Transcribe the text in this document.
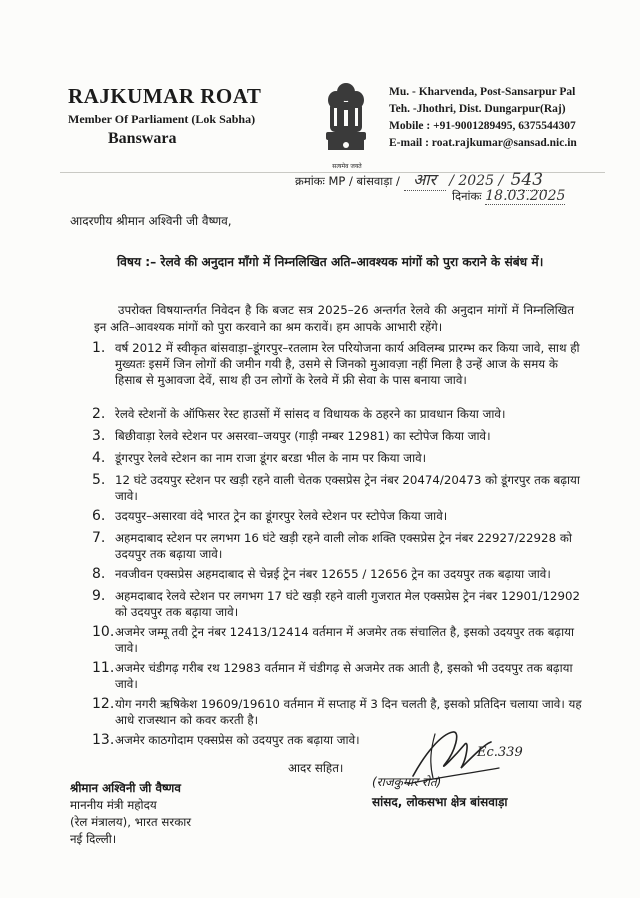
RAJKUMAR ROAT
Member Of Parliament (Lok Sabha)
Banswara
सत्यमेव जयते
Mu. - Kharvenda, Post-Sansarpur Pal
Teh. -Jhothri, Dist. Dungarpur(Raj)
Mobile : +91-9001289495, 6375544307
E-mail : roat.rajkumar@sansad.nic.in
क्रमांकः MP / बांसवाड़ा / आर / 2025 / 543
दिनांकः 18.03.2025
आदरणीय श्रीमान अश्विनी जी वैष्णव,
विषय :– रेलवे की अनुदान माँगो में निम्नलिखित अति–आवश्यक मांगों को पुरा कराने के संबंध में।
उपरोक्त विषयान्तर्गत निवेदन है कि बजट सत्र 2025–26 अन्तर्गत रेलवे की अनुदान मांगों में निम्नलिखित इन अति–आवश्यक मांगों को पुरा करवाने का श्रम करावें। हम आपके आभारी रहेंगे।
1. वर्ष 2012 में स्वीकृत बांसवाड़ा–डूंगरपुर–रतलाम रेल परियोजना कार्य अविलम्ब प्रारम्भ कर किया जावे, साथ ही मुख्यतः इसमें जिन लोगों की जमीन गयी है, उसमे से जिनको मुआवज़ा नहीं मिला है उन्हें आज के समय के हिसाब से मुआवजा देवें, साथ ही उन लोगों के रेलवे में फ्री सेवा के पास बनाया जावे।
2. रेलवे स्टेशनों के ऑफिसर रेस्ट हाउसों में सांसद व विधायक के ठहरने का प्रावधान किया जावे।
3. बिछीवाड़ा रेलवे स्टेशन पर असरवा–जयपुर (गाड़ी नम्बर 12981) का स्टोपेज किया जावे।
4. डूंगरपुर रेलवे स्टेशन का नाम राजा डूंगर बरडा भील के नाम पर किया जावे।
5. 12 घंटे उदयपुर स्टेशन पर खड़ी रहने वाली चेतक एक्सप्रेस ट्रेन नंबर 20474/20473 को डूंगरपुर तक बढ़ाया जावे।
6. उदयपुर–असारवा वंदे भारत ट्रेन का डूंगरपुर रेलवे स्टेशन पर स्टोपेज किया जावे।
7. अहमदाबाद स्टेशन पर लगभग 16 घंटे खड़ी रहने वाली लोक शक्ति एक्सप्रेस ट्रेन नंबर 22927/22928 को उदयपुर तक बढ़ाया जावे।
8. नवजीवन एक्सप्रेस अहमदाबाद से चेन्नई ट्रेन नंबर 12655 / 12656 ट्रेन का उदयपुर तक बढ़ाया जावे।
9. अहमदाबाद रेलवे स्टेशन पर लगभग 17 घंटे खड़ी रहने वाली गुजरात मेल एक्सप्रेस ट्रेन नंबर 12901/12902 को उदयपुर तक बढ़ाया जावे।
10. अजमेर जम्मू तवी ट्रेन नंबर 12413/12414 वर्तमान में अजमेर तक संचालित है, इसको उदयपुर तक बढ़ाया जावे।
11. अजमेर चंडीगढ़ गरीब रथ 12983 वर्तमान में चंडीगढ़ से अजमेर तक आती है, इसको भी उदयपुर तक बढ़ाया जावे।
12. योग नगरी ऋषिकेश 19609/19610 वर्तमान में सप्ताह में 3 दिन चलती है, इसको प्रतिदिन चलाया जावे। यह आधे राजस्थान को कवर करती है।
13. अजमेर काठगोदाम एक्सप्रेस को उदयपुर तक बढ़ाया जावे।
आदर सहित।
Ec.339
(राजकुमार रोत)
सांसद, लोकसभा क्षेत्र बांसवाड़ा
श्रीमान अश्विनी जी वैष्णव
माननीय मंत्री महोदय
(रेल मंत्रालय), भारत सरकार
नई दिल्ली।
